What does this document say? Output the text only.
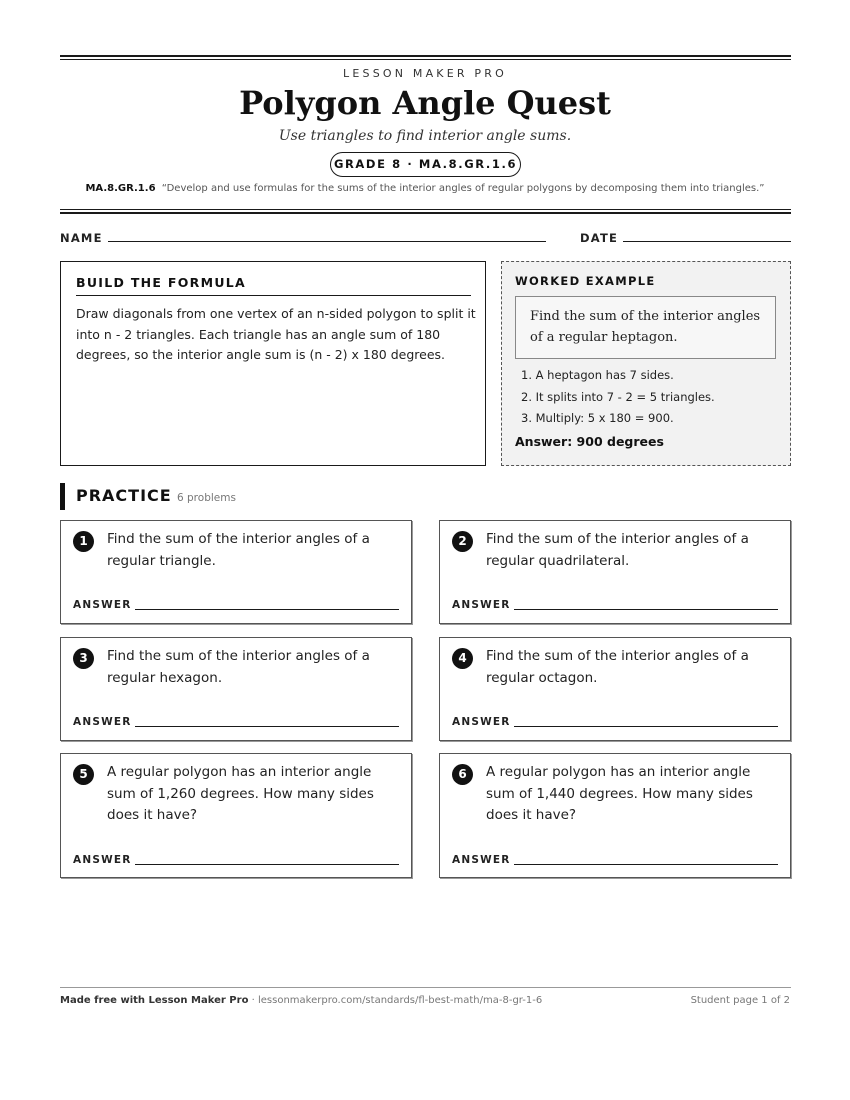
LESSON MAKER PRO
Polygon Angle Quest
Use triangles to find interior angle sums.
GRADE 8 · MA.8.GR.1.6
MA.8.GR.1.6 “Develop and use formulas for the sums of the interior angles of regular polygons by decomposing them into triangles.”
NAME	DATE
BUILD THE FORMULA
Draw diagonals from one vertex of an n-sided polygon to split it into n - 2 triangles. Each triangle has an angle sum of 180 degrees, so the interior angle sum is (n - 2) x 180 degrees.
WORKED EXAMPLE
Find the sum of the interior angles of a regular heptagon.
1. A heptagon has 7 sides.
2. It splits into 7 - 2 = 5 triangles.
3. Multiply: 5 x 180 = 900.
Answer: 900 degrees
PRACTICE 6 problems
1	Find the sum of the interior angles of a regular triangle.
ANSWER
2	Find the sum of the interior angles of a regular quadrilateral.
ANSWER
3	Find the sum of the interior angles of a regular hexagon.
ANSWER
4	Find the sum of the interior angles of a regular octagon.
ANSWER
5	A regular polygon has an interior angle sum of 1,260 degrees. How many sides does it have?
ANSWER
6	A regular polygon has an interior angle sum of 1,440 degrees. How many sides does it have?
ANSWER
Made free with Lesson Maker Pro · lessonmakerpro.com/standards/fl-best-math/ma-8-gr-1-6	Student page 1 of 2
